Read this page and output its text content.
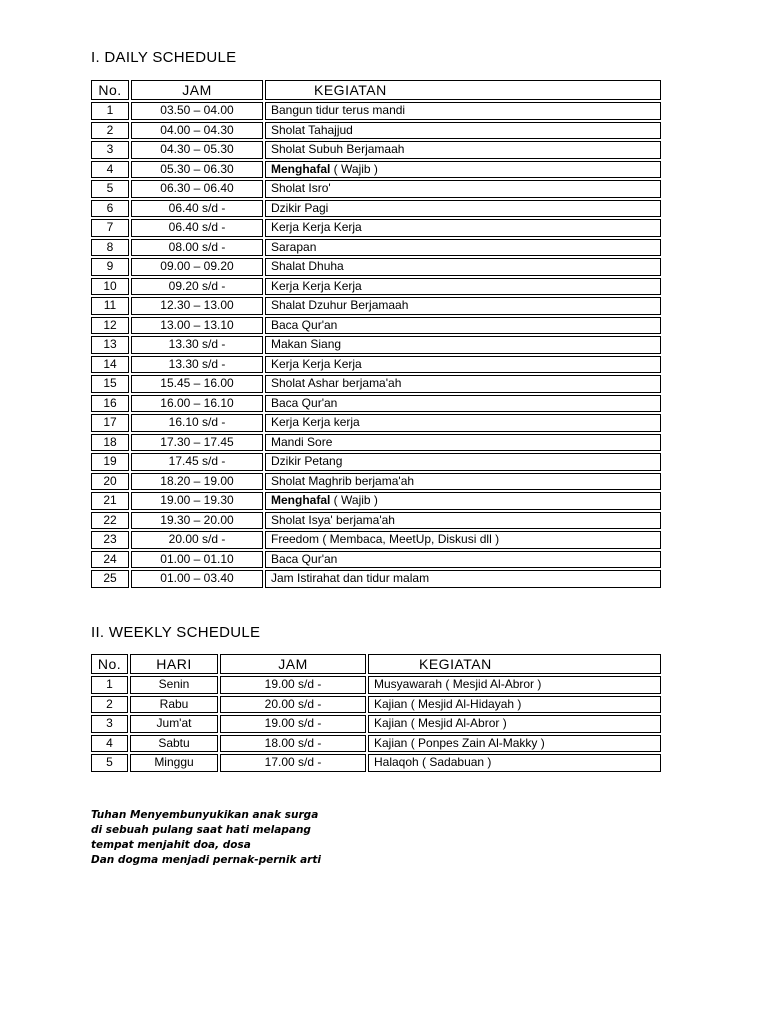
I. DAILY SCHEDULE
No.	JAM	KEGIATAN
1	03.50 – 04.00	Bangun tidur terus mandi
2	04.00 – 04.30	Sholat Tahajjud
3	04.30 – 05.30	Sholat Subuh Berjamaah
4	05.30 – 06.30	Menghafal ( Wajib )
5	06.30 – 06.40	Sholat Isro'
6	06.40 s/d -	Dzikir Pagi
7	06.40 s/d -	Kerja Kerja Kerja
8	08.00 s/d -	Sarapan
9	09.00 – 09.20	Shalat Dhuha
10	09.20 s/d -	Kerja Kerja Kerja
11	12.30 – 13.00	Shalat Dzuhur Berjamaah
12	13.00 – 13.10	Baca Qur'an
13	13.30 s/d -	Makan Siang
14	13.30 s/d -	Kerja Kerja Kerja
15	15.45 – 16.00	Sholat Ashar berjama'ah
16	16.00 – 16.10	Baca Qur'an
17	16.10 s/d -	Kerja Kerja kerja
18	17.30 – 17.45	Mandi Sore
19	17.45 s/d -	Dzikir Petang
20	18.20 – 19.00	Sholat Maghrib berjama'ah
21	19.00 – 19.30	Menghafal ( Wajib )
22	19.30 – 20.00	Sholat Isya' berjama'ah
23	20.00 s/d -	Freedom ( Membaca, MeetUp, Diskusi dll )
24	01.00 – 01.10	Baca Qur'an
25	01.00 – 03.40	Jam Istirahat dan tidur malam
II. WEEKLY SCHEDULE
No.	HARI	JAM	KEGIATAN
1	Senin	19.00 s/d -	Musyawarah ( Mesjid Al-Abror )
2	Rabu	20.00 s/d -	Kajian ( Mesjid Al-Hidayah )
3	Jum'at	19.00 s/d -	Kajian ( Mesjid Al-Abror )
4	Sabtu	18.00 s/d -	Kajian ( Ponpes Zain Al-Makky )
5	Minggu	17.00 s/d -	Halaqoh ( Sadabuan )
Tuhan Menyembunyukikan anak surga
di sebuah pulang saat hati melapang
tempat menjahit doa, dosa
Dan dogma menjadi pernak-pernik arti
